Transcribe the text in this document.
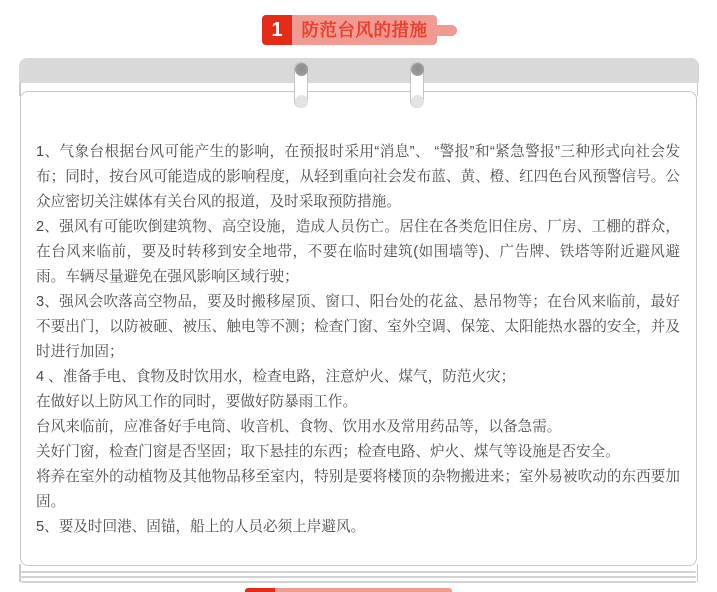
1	防范台风的措施

1、气象台根据台风可能产生的影响，在预报时采用“消息”、 “警报”和“紧急警报”三种形式向社会发布；同时，按台风可能造成的影响程度，从轻到重向社会发布蓝、黄、橙、红四色台风预警信号。公众应密切关注媒体有关台风的报道，及时采取预防措施。

2、强风有可能吹倒建筑物、高空设施，造成人员伤亡。居住在各类危旧住房、厂房、工棚的群众，在台风来临前，要及时转移到安全地带，不要在临时建筑(如围墙等)、广告牌、铁塔等附近避风避雨。车辆尽量避免在强风影响区域行驶；

3、强风会吹落高空物品，要及时搬移屋顶、窗口、阳台处的花盆、悬吊物等；在台风来临前，最好不要出门，以防被砸、被压、触电等不测；检查门窗、室外空调、保笼、太阳能热水器的安全，并及时进行加固；

4 、准备手电、食物及时饮用水，检查电路，注意炉火、煤气，防范火灾；

在做好以上防风工作的同时，要做好防暴雨工作。

台风来临前，应准备好手电筒、收音机、食物、饮用水及常用药品等，以备急需。

关好门窗，检查门窗是否坚固；取下悬挂的东西；检查电路、炉火、煤气等设施是否安全。

将养在室外的动植物及其他物品移至室内，特别是要将楼顶的杂物搬进来；室外易被吹动的东西要加固。

5、要及时回港、固锚，船上的人员必须上岸避风。
